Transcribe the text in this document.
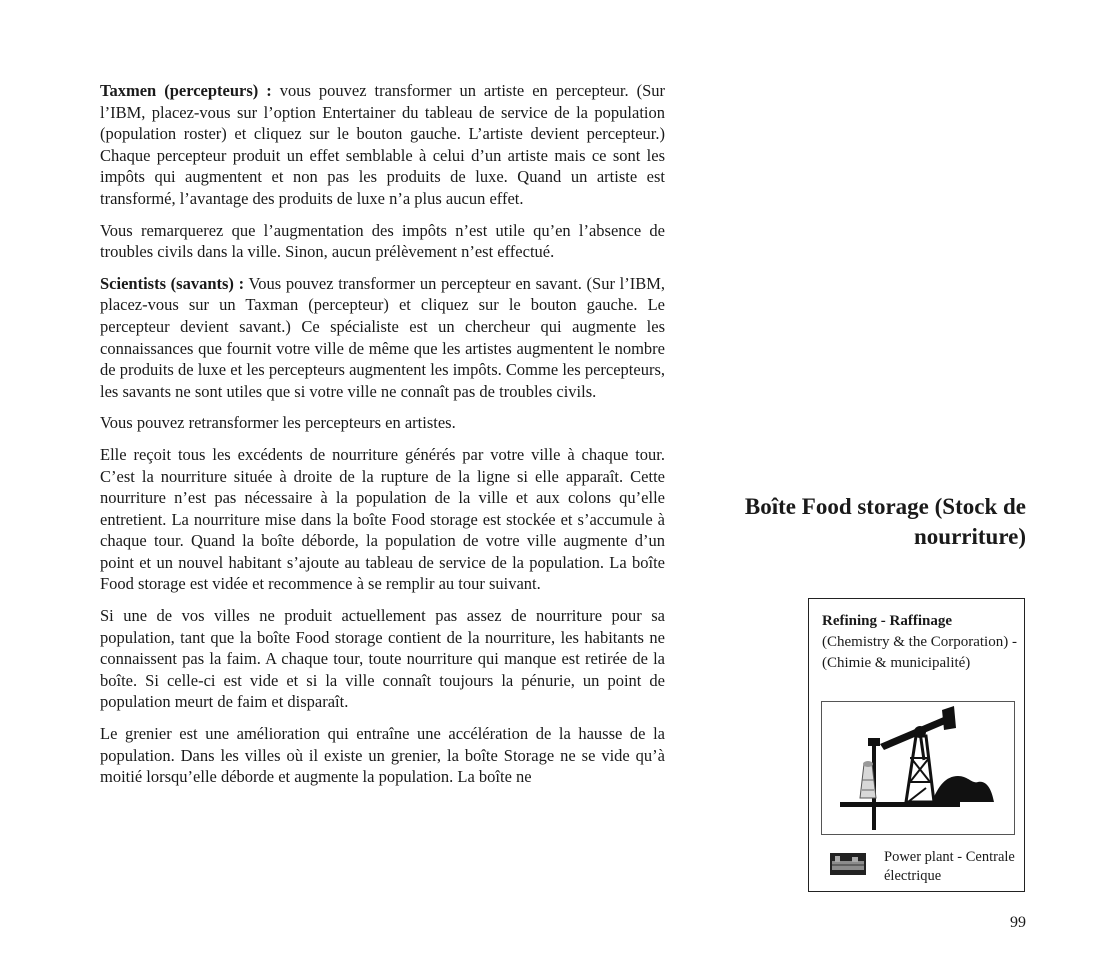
Taxmen (percepteurs) : vous pouvez transformer un artiste en percepteur. (Sur l’IBM, placez-vous sur l’option Entertainer du tableau de service de la population (population roster) et cliquez sur le bouton gauche. L’artiste devient percepteur.) Chaque percepteur produit un effet semblable à celui d’un artiste mais ce sont les impôts qui augmentent et non pas les produits de luxe. Quand un artiste est transformé, l’avantage des produits de luxe n’a plus aucun effet.

Vous remarquerez que l’augmentation des impôts n’est utile qu’en l’absence de troubles civils dans la ville. Sinon, aucun prélèvement n’est effectué.

Scientists (savants) : Vous pouvez transformer un percepteur en savant. (Sur l’IBM, placez-vous sur un Taxman (percepteur) et cliquez sur le bouton gauche. Le percepteur devient savant.) Ce spécialiste est un chercheur qui augmente les connaissances que fournit votre ville de même que les artistes augmentent le nombre de produits de luxe et les percepteurs augmentent les impôts. Comme les percepteurs, les savants ne sont utiles que si votre ville ne connaît pas de troubles civils.

Vous pouvez retransformer les percepteurs en artistes.

Elle reçoit tous les excédents de nourriture générés par votre ville à chaque tour. C’est la nourriture située à droite de la rupture de la ligne si elle apparaît. Cette nourriture n’est pas nécessaire à la population de la ville et aux colons qu’elle entretient. La nourriture mise dans la boîte Food storage est stockée et s’accumule à chaque tour. Quand la boîte déborde, la population de votre ville augmente d’un point et un nouvel habitant s’ajoute au tableau de service de la population. La boîte Food storage est vidée et recommence à se remplir au tour suivant.

Si une de vos villes ne produit actuellement pas assez de nourriture pour sa population, tant que la boîte Food storage contient de la nourriture, les habitants ne connaissent pas la faim. A chaque tour, toute nourriture qui manque est retirée de la boîte. Si celle-ci est vide et si la ville connaît toujours la pénurie, un point de population meurt de faim et disparaît.

Le grenier est une amélioration qui entraîne une accélération de la hausse de la population. Dans les villes où il existe un grenier, la boîte Storage ne se vide qu’à moitié lorsqu’elle déborde et augmente la population. La boîte ne

Boîte Food storage (Stock de nourriture)
Refining - Raffinage
(Chemistry & the Corporation) - (Chimie & municipalité)
Power plant - Centrale électrique
99
